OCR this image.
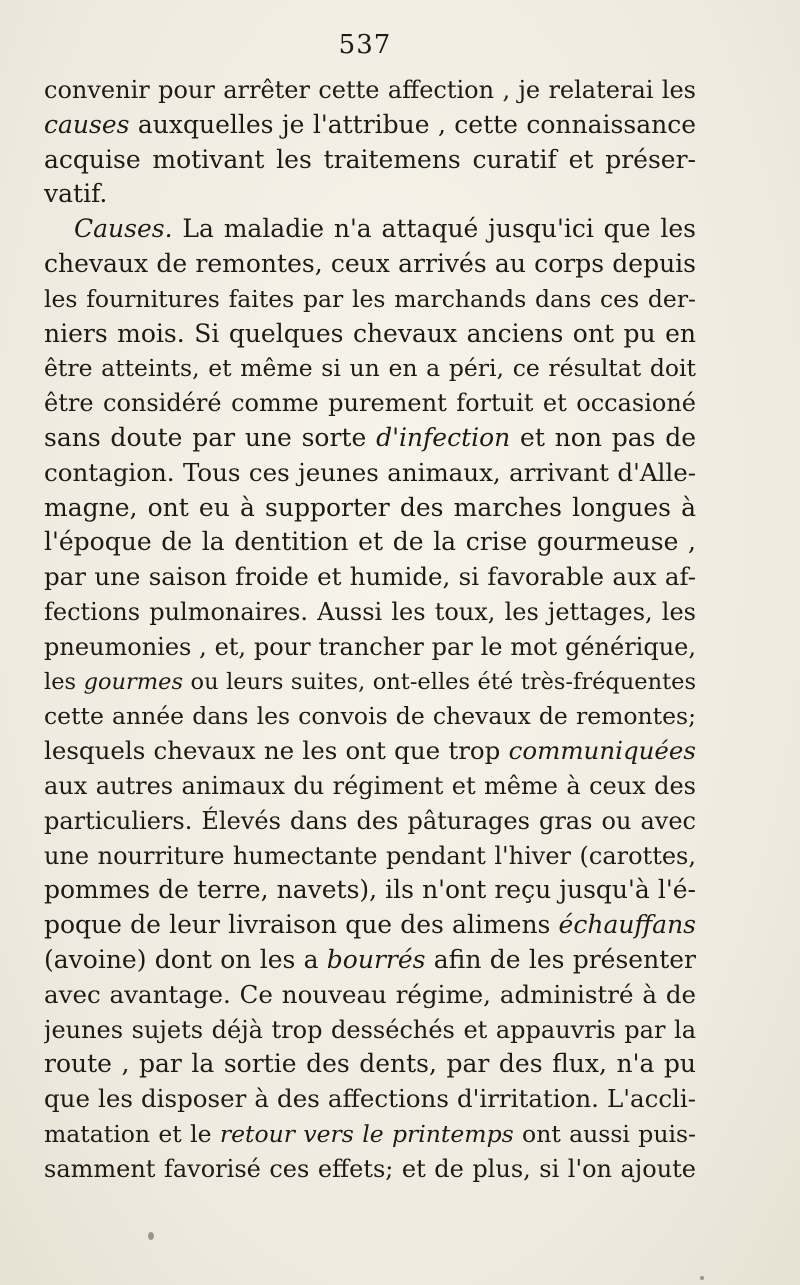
537
convenir pour arrêter cette affection , je relaterai les
causes auxquelles je l'attribue , cette connaissance
acquise motivant les traitemens curatif et préser-
vatif.
Causes. La maladie n'a attaqué jusqu'ici que les
chevaux de remontes, ceux arrivés au corps depuis
les fournitures faites par les marchands dans ces der-
niers mois. Si quelques chevaux anciens ont pu en
être atteints, et même si un en a péri, ce résultat doit
être considéré comme purement fortuit et occasioné
sans doute par une sorte d'infection et non pas de
contagion. Tous ces jeunes animaux, arrivant d'Alle-
magne, ont eu à supporter des marches longues à
l'époque de la dentition et de la crise gourmeuse ,
par une saison froide et humide, si favorable aux af-
fections pulmonaires. Aussi les toux, les jettages, les
pneumonies , et, pour trancher par le mot générique,
les gourmes ou leurs suites, ont-elles été très-fréquentes
cette année dans les convois de chevaux de remontes;
lesquels chevaux ne les ont que trop communiquées
aux autres animaux du régiment et même à ceux des
particuliers. Élevés dans des pâturages gras ou avec
une nourriture humectante pendant l'hiver (carottes,
pommes de terre, navets), ils n'ont reçu jusqu'à l'é-
poque de leur livraison que des alimens échauffans
(avoine) dont on les a bourrés afin de les présenter
avec avantage. Ce nouveau régime, administré à de
jeunes sujets déjà trop desséchés et appauvris par la
route , par la sortie des dents, par des flux, n'a pu
que les disposer à des affections d'irritation. L'accli-
matation et le retour vers le printemps ont aussi puis-
samment favorisé ces effets; et de plus, si l'on ajoute
